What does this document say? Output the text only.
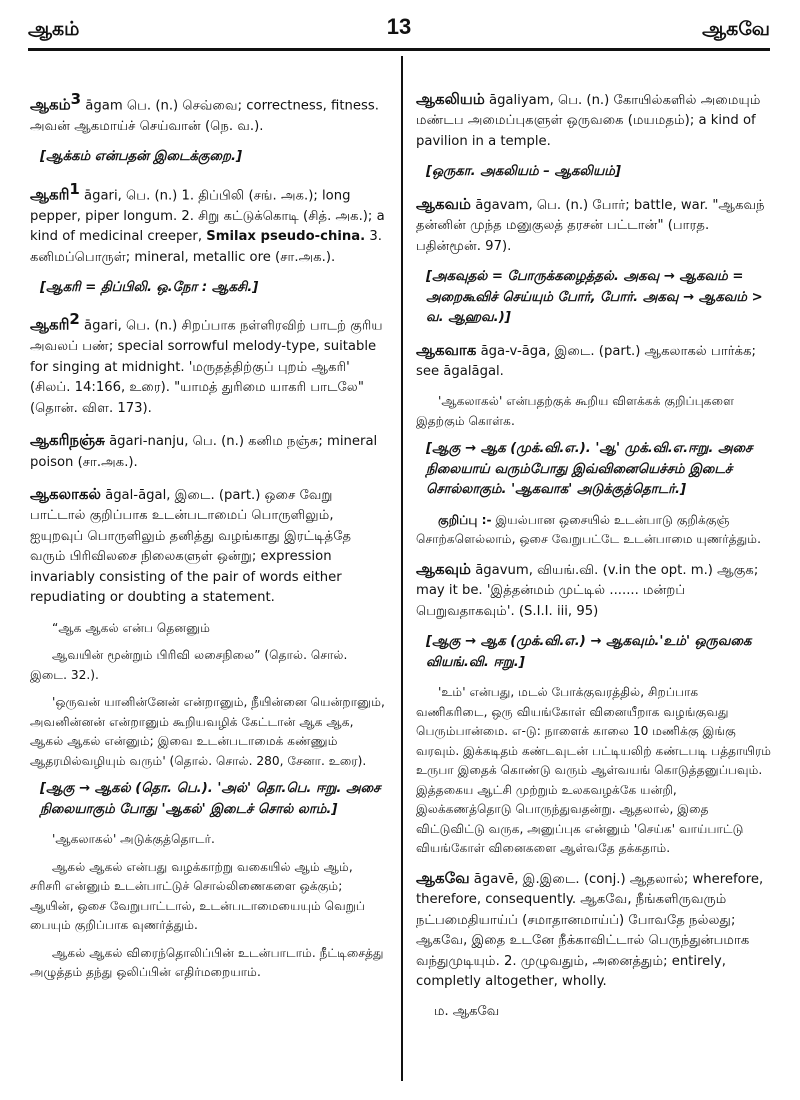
ஆகம்	13	ஆகவே
ஆகம்$^3$ āgam பெ. (n.) செவ்வை; correctness, fitness. அவன் ஆகமாய்ச் செய்வான் (நெ. வ.).
[ஆக்கம் என்பதன் இடைக்குறை.]
ஆகரி$^1$ āgari, பெ. (n.) 1. திப்பிலி (சங். அக.); long pepper, piper longum. 2. சிறு கட்டுக்கொடி (சித். அக.); a kind of medicinal creeper, Smilax pseudo-china. 3. கனிமப்பொருள்; mineral, metallic ore (சா.அக.).
[ஆகரி = திப்பிலி. ஒ.நோ : ஆகசி.]
ஆகரி$^2$ āgari, பெ. (n.) சிறப்பாக நள்ளிரவிற் பாடற் குரிய அவலப் பண்; special sorrowful melody-type, suitable for singing at midnight. 'மருதத்திற்குப் புறம் ஆகரி' (சிலப். 14:166, உரை). "யாமத் துரிமை யாகரி பாடலே" (தொன். விள. 173).
ஆகரிநஞ்சு āgari-nanju, பெ. (n.) கனிம நஞ்சு; mineral poison (சா.அக.).
ஆகலாகல் āgal-āgal, இடை. (part.) ஒசை வேறு பாட்டால் குறிப்பாக உடன்படாமைப் பொருளிலும், ஐயுறவுப் பொருளிலும் தனித்து வழங்காது இரட்டித்தே வரும் பிரிவிலசை நிலைகளுள் ஒன்று; expression invariably consisting of the pair of words either repudiating or doubting a statement.
“ஆக ஆகல் என்ப தெனனும்
ஆவயின் மூன்றும் பிரிவி லசைநிலை” (தொல். சொல். இடை. 32.).
'ஒருவன் யானின்னேன் என்றானும், நீயின்னை யென்றானும், அவனின்னன் என்றானும் கூறியவழிக் கேட்டான் ஆக ஆக, ஆகல் ஆகல் என்னும்; இவை உடன்படாமைக் கண்ணும் ஆதரமில்வழியும் வரும்' (தொல். சொல். 280, சேனா. உரை).
[ஆகு → ஆகல் (தொ. பெ.). 'அல்' தொ.பெ. ஈறு. அசை நிலையாகும் போது 'ஆகல்' இடைச் சொல் லாம்.]
'ஆகலாகல்' அடுக்குத்தொடர்.
ஆகல் ஆகல் என்பது வழக்காற்று வகையில் ஆம் ஆம், சரிசரி என்னும் உடன்பாட்டுச் சொல்லிணைகளை ஒக்கும்; ஆயின், ஒசை வேறுபாட்டால், உடன்படாமையையும் வெறுப் பையும் குறிப்பாக வுணர்த்தும்.
ஆகல் ஆகல் விரைந்தொலிப்பின் உடன்பாடாம். நீட்டிசைத்து அழுத்தம் தந்து ஒலிப்பின் எதிர்மறையாம்.
ஆகலியம் āgaliyam, பெ. (n.) கோயில்களில் அமையும் மண்டப அமைப்புகளுள் ஒருவகை (மயமதம்); a kind of pavilion in a temple.
[ஒருகா. அகலியம் – ஆகலியம்]
ஆகவம் āgavam, பெ. (n.) போர்; battle, war. "ஆகவந் தன்னின் முந்த மனுகுலத் தரசன் பட்டான்" (பாரத. பதின்மூன். 97).
[அகவுதல் = போருக்கழைத்தல். அகவு → ஆகவம் = அறைகூவிச் செய்யும் போர், போர். அகவு → ஆகவம் > வ. ஆஹவ.)]
ஆகவாக āga-v-āga, இடை. (part.) ஆகலாகல் பார்க்க; see āgalāgal.
'ஆகலாகல்' என்பதற்குக் கூறிய விளக்கக் குறிப்புகளை இதற்கும் கொள்க.
[ஆகு → ஆக (முக்.வி.எ.). 'ஆ' முக்.வி.எ.ஈறு. அசை நிலையாய் வரும்போது இவ்வினையெச்சம் இடைச் சொல்லாகும். 'ஆகவாக' அடுக்குத்தொடர்.]
குறிப்பு :- இயல்பான ஒசையில் உடன்பாடு குறிக்குஞ் சொற்களெல்லாம், ஒசை வேறுபட்டே உடன்பாமை யுணர்த்தும்.
ஆகவும் āgavum, வியங்.வி. (v.in the opt. m.) ஆகுக; may it be. 'இத்தன்மம் முட்டில் ....... மன்றப் பெறுவதாகவும்'. (S.I.I. iii, 95)
[ஆகு → ஆக (முக்.வி.எ.) → ஆகவும்.'உம்' ஒருவகை வியங்.வி. ஈறு.]
'உம்' என்பது, மடல் போக்குவரத்தில், சிறப்பாக வணிகரிடை, ஒரு வியங்கோள் வினையீறாக வழங்குவது பெரும்பான்மை. எ-டு: நாளைக் காலை 10 மணிக்கு இங்கு வரவும். இக்கடிதம் கண்டவுடன் பட்டியலிற் கண்டபடி பத்தாயிரம் உருபா இதைக் கொண்டு வரும் ஆள்வயங் கொடுத்தனுப்பவும். இத்தகைய ஆட்சி முற்றும் உலகவழக்கே யன்றி, இலக்கணத்தொடு பொருந்துவதன்று. ஆதலால், இதை விட்டுவிட்டு வருக, அனுப்புக என்னும் 'செய்க' வாய்பாட்டு வியங்கோள் வினைகளை ஆள்வதே தக்கதாம்.
ஆகவே āgavē, இ.இடை. (conj.) ஆதலால்; wherefore, therefore, consequently. ஆகவே, நீங்களிருவரும் நட்பமைதியாய்ப் (சமாதானமாய்ப்) போவதே நல்லது; ஆகவே, இதை உடனே நீக்காவிட்டால் பெருந்துன்பமாக வந்துமுடியும். 2. முழுவதும், அனைத்தும்; entirely, completly altogether, wholly.
ம. ஆகவே
